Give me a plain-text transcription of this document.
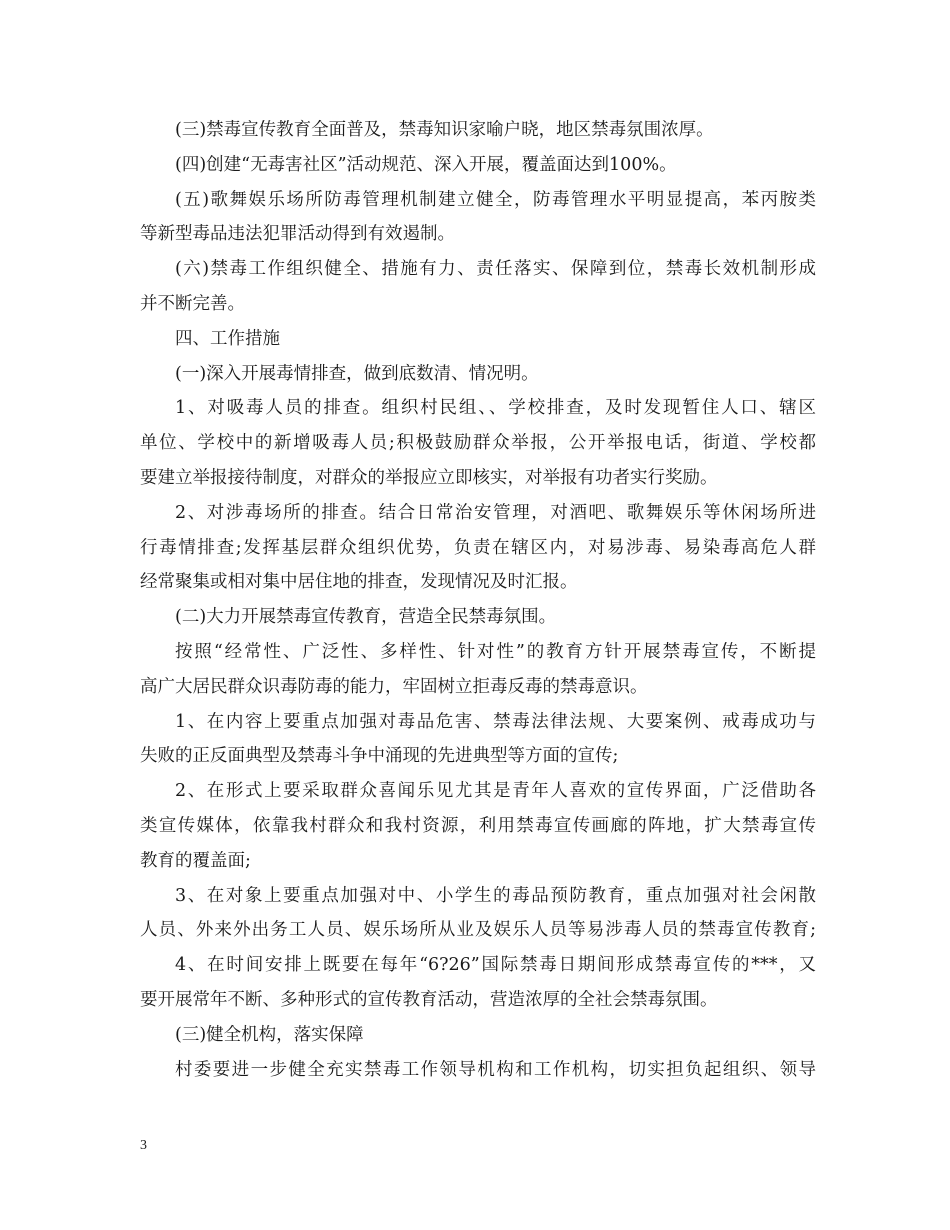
(三)禁毒宣传教育全面普及，禁毒知识家喻户晓，地区禁毒氛围浓厚。
(四)创建“无毒害社区”活动规范、深入开展，覆盖面达到100%。
(五)歌舞娱乐场所防毒管理机制建立健全，防毒管理水平明显提高，苯丙胺类
等新型毒品违法犯罪活动得到有效遏制。
(六)禁毒工作组织健全、措施有力、责任落实、保障到位，禁毒长效机制形成
并不断完善。
四、工作措施
(一)深入开展毒情排查，做到底数清、情况明。
1、对吸毒人员的排查。组织村民组、、学校排查，及时发现暂住人口、辖区
单位、学校中的新增吸毒人员;积极鼓励群众举报，公开举报电话，街道、学校都
要建立举报接待制度，对群众的举报应立即核实，对举报有功者实行奖励。
2、对涉毒场所的排查。结合日常治安管理，对酒吧、歌舞娱乐等休闲场所进
行毒情排查;发挥基层群众组织优势，负责在辖区内，对易涉毒、易染毒高危人群
经常聚集或相对集中居住地的排查，发现情况及时汇报。
(二)大力开展禁毒宣传教育，营造全民禁毒氛围。
按照“经常性、广泛性、多样性、针对性”的教育方针开展禁毒宣传，不断提
高广大居民群众识毒防毒的能力，牢固树立拒毒反毒的禁毒意识。
1、在内容上要重点加强对毒品危害、禁毒法律法规、大要案例、戒毒成功与
失败的正反面典型及禁毒斗争中涌现的先进典型等方面的宣传;
2、在形式上要采取群众喜闻乐见尤其是青年人喜欢的宣传界面，广泛借助各
类宣传媒体，依靠我村群众和我村资源，利用禁毒宣传画廊的阵地，扩大禁毒宣传
教育的覆盖面;
3、在对象上要重点加强对中、小学生的毒品预防教育，重点加强对社会闲散
人员、外来外出务工人员、娱乐场所从业及娱乐人员等易涉毒人员的禁毒宣传教育;
4、在时间安排上既要在每年“6?26”国际禁毒日期间形成禁毒宣传的***，又
要开展常年不断、多种形式的宣传教育活动，营造浓厚的全社会禁毒氛围。
(三)健全机构，落实保障
村委要进一步健全充实禁毒工作领导机构和工作机构，切实担负起组织、领导
3
